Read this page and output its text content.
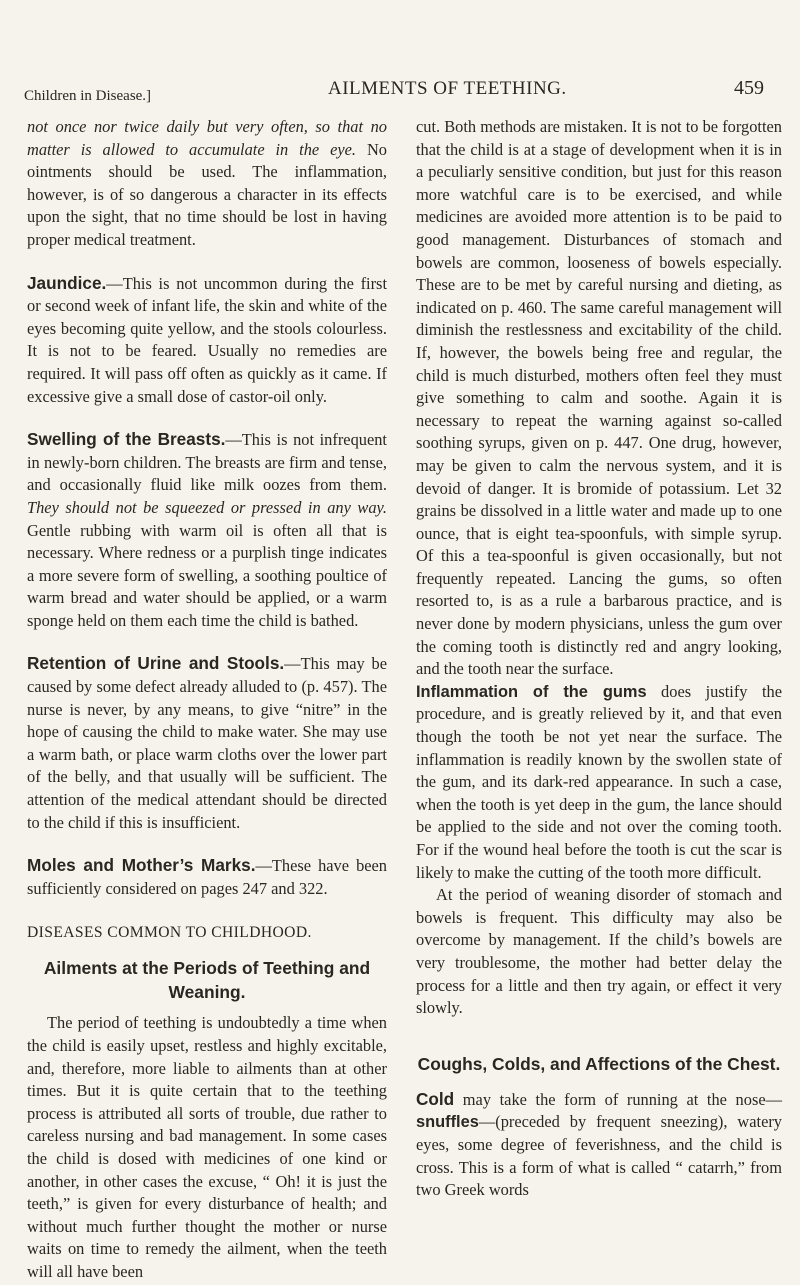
Children in Disease.]	AILMENTS OF TEETHING.	459

not once nor twice daily but very often, so that no matter is allowed to accumulate in the eye. No ointments should be used. The inflammation, however, is of so dangerous a character in its effects upon the sight, that no time should be lost in having proper medical treatment.

Jaundice.—This is not uncommon during the first or second week of infant life, the skin and white of the eyes becoming quite yellow, and the stools colourless. It is not to be feared. Usually no remedies are required. It will pass off often as quickly as it came. If excessive give a small dose of castor-oil only.

Swelling of the Breasts.—This is not infrequent in newly-born children. The breasts are firm and tense, and occasionally fluid like milk oozes from them. They should not be squeezed or pressed in any way. Gentle rubbing with warm oil is often all that is necessary. Where redness or a purplish tinge indicates a more severe form of swelling, a soothing poultice of warm bread and water should be applied, or a warm sponge held on them each time the child is bathed.

Retention of Urine and Stools.—This may be caused by some defect already alluded to (p. 457). The nurse is never, by any means, to give “nitre” in the hope of causing the child to make water. She may use a warm bath, or place warm cloths over the lower part of the belly, and that usually will be sufficient. The attention of the medical attendant should be directed to the child if this is insufficient.

Moles and Mother’s Marks.—These have been sufficiently considered on pages 247 and 322.

DISEASES COMMON TO CHILDHOOD.
Ailments at the Periods of Teething and Weaning.

The period of teething is undoubtedly a time when the child is easily upset, restless and highly excitable, and, therefore, more liable to ailments than at other times. But it is quite certain that to the teething process is attributed all sorts of trouble, due rather to careless nursing and bad management. In some cases the child is dosed with medicines of one kind or another, in other cases the excuse, “ Oh! it is just the teeth,” is given for every disturbance of health; and without much further thought the mother or nurse waits on time to remedy the ailment, when the teeth will all have been

cut. Both methods are mistaken. It is not to be forgotten that the child is at a stage of development when it is in a peculiarly sensitive condition, but just for this reason more watchful care is to be exercised, and while medicines are avoided more attention is to be paid to good management. Disturbances of stomach and bowels are common, looseness of bowels especially. These are to be met by careful nursing and dieting, as indicated on p. 460. The same careful management will diminish the restlessness and excitability of the child. If, however, the bowels being free and regular, the child is much disturbed, mothers often feel they must give something to calm and soothe. Again it is necessary to repeat the warning against so-called soothing syrups, given on p. 447. One drug, however, may be given to calm the nervous system, and it is devoid of danger. It is bromide of potassium. Let 32 grains be dissolved in a little water and made up to one ounce, that is eight tea-spoonfuls, with simple syrup. Of this a tea-spoonful is given occasionally, but not frequently repeated. Lancing the gums, so often resorted to, is as a rule a barbarous practice, and is never done by modern physicians, unless the gum over the coming tooth is distinctly red and angry looking, and the tooth near the surface.

Inflammation of the gums does justify the procedure, and is greatly relieved by it, and that even though the tooth be not yet near the surface. The inflammation is readily known by the swollen state of the gum, and its dark-red appearance. In such a case, when the tooth is yet deep in the gum, the lance should be applied to the side and not over the coming tooth. For if the wound heal before the tooth is cut the scar is likely to make the cutting of the tooth more difficult.

At the period of weaning disorder of stomach and bowels is frequent. This difficulty may also be overcome by management. If the child’s bowels are very troublesome, the mother had better delay the process for a little and then try again, or effect it very slowly.

Coughs, Colds, and Affections of the Chest.

Cold may take the form of running at the nose—snuffles—(preceded by frequent sneezing), watery eyes, some degree of feverishness, and the child is cross. This is a form of what is called “ catarrh,” from two Greek words
